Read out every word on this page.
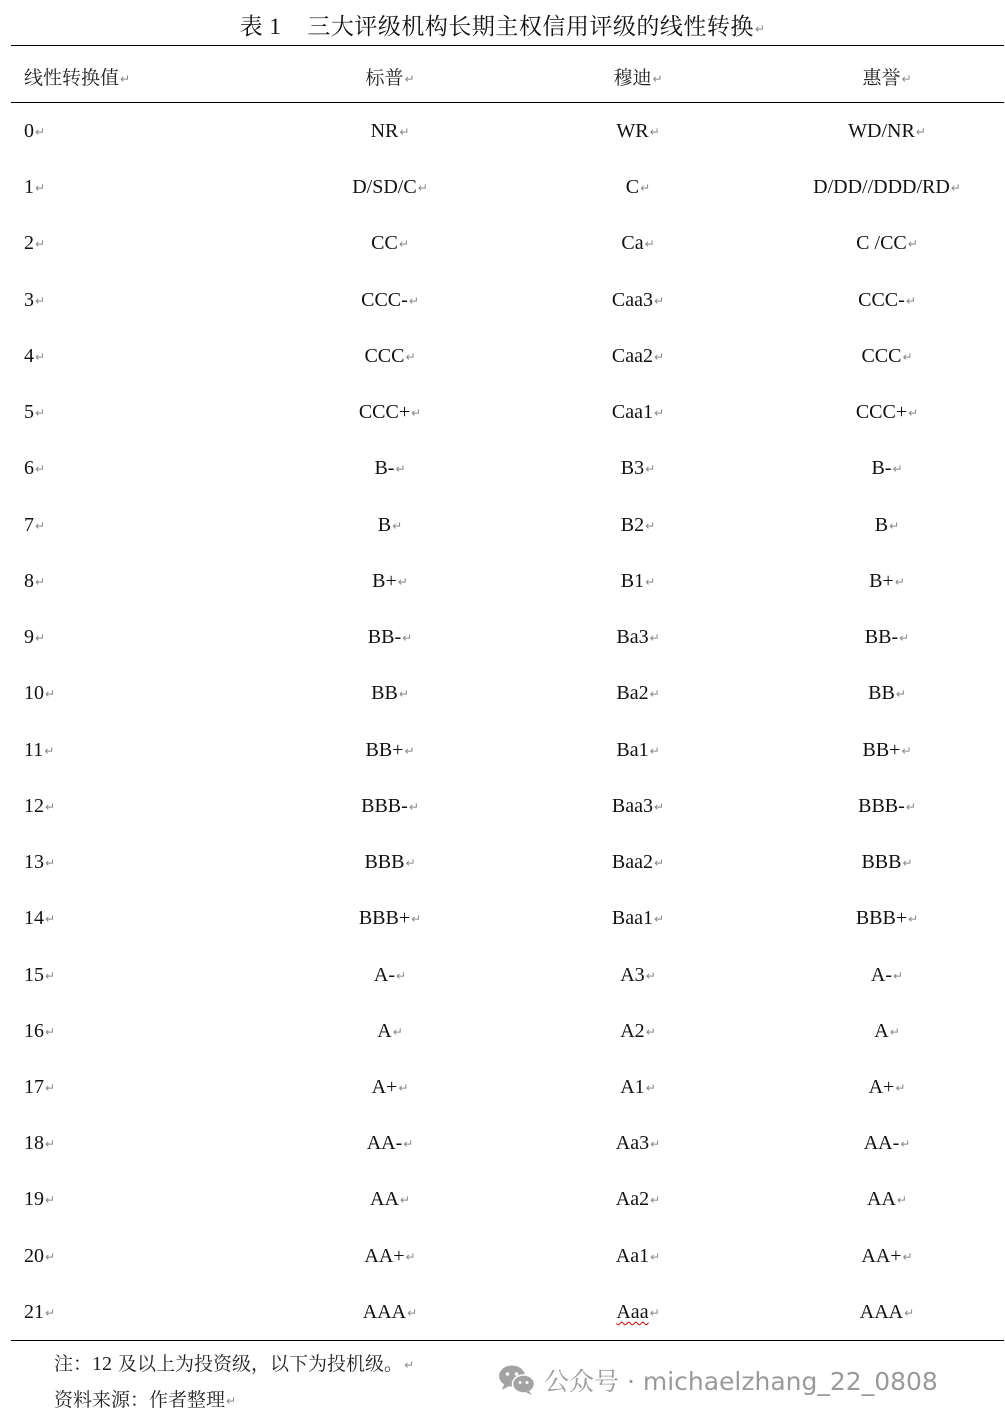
表 1 三大评级机构长期主权信用评级的线性转换↵
线性转换值↵	标普↵	穆迪↵	惠誉↵
0↵	NR↵	WR↵	WD/NR↵
1↵	D/SD/C↵	C↵	D/DD//DDD/RD↵
2↵	CC↵	Ca↵	C /CC↵
3↵	CCC-↵	Caa3↵	CCC-↵
4↵	CCC↵	Caa2↵	CCC↵
5↵	CCC+↵	Caa1↵	CCC+↵
6↵	B-↵	B3↵	B-↵
7↵	B↵	B2↵	B↵
8↵	B+↵	B1↵	B+↵
9↵	BB-↵	Ba3↵	BB-↵
10↵	BB↵	Ba2↵	BB↵
11↵	BB+↵	Ba1↵	BB+↵
12↵	BBB-↵	Baa3↵	BBB-↵
13↵	BBB↵	Baa2↵	BBB↵
14↵	BBB+↵	Baa1↵	BBB+↵
15↵	A-↵	A3↵	A-↵
16↵	A↵	A2↵	A↵
17↵	A+↵	A1↵	A+↵
18↵	AA-↵	Aa3↵	AA-↵
19↵	AA↵	Aa2↵	AA↵
20↵	AA+↵	Aa1↵	AA+↵
21↵	AAA↵	Aaa↵	AAA↵
注：12 及以上为投资级，以下为投机级。↵
资料来源：作者整理↵
公众号 · michaelzhang_22_0808
